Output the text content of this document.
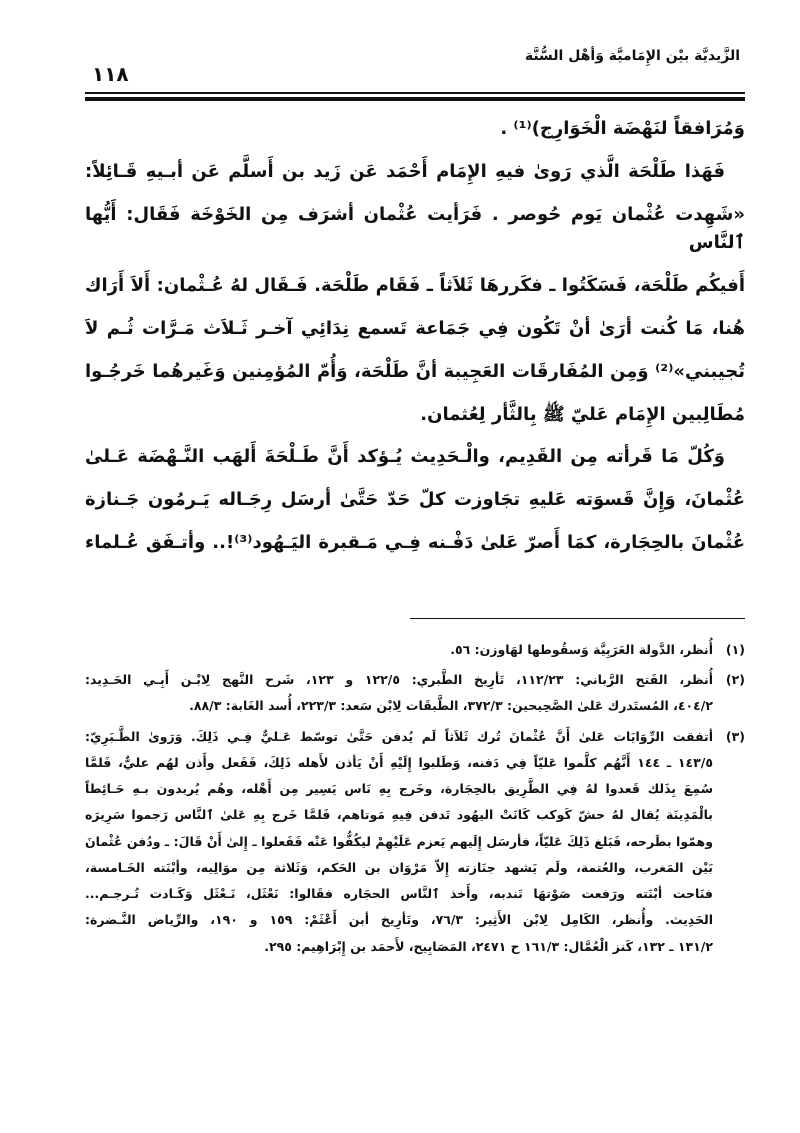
الزَّيديَّة بيْن الإِمَاميَّة وَأهْل السُّنَّة
١١٨
وَمُرَافقاً لنَهْضَة الْخَوَارِج)⁽¹⁾ .
فَهَذا طَلْحَة الَّذي رَوىٰ فيهِ الإِمَام أَحْمَد عَن زَيد بن أَسلَّم عَن أبـيهِ قَـائِلاً:
«شَهِدت عُثْمان يَوم حُوصر . فَرَأيت عُثْمان أشرَف مِن الخَوْخَة فَقَال: أَيُّها ٱلنَّاس
أَفيكُم طَلْحَة، فَسَكَتُوا ـ فكَررهَا ثَلاَثاً ـ فَقَام طَلْحَة. فَـقَال لهُ عُـثْمان: أَلاَ أَرَاك
هُنا، مَا كُنت أرَىٰ أنْ تَكُون فِي جَمَاعة تَسمع نِدَائِي آخـر ثَـلاَث مَـرَّات ثُـم لاَ
تُجيبني»⁽²⁾ وَمِن المُفَارقَات العَجِيبة أنَّ طَلْحَة، وَأُمّ المُؤمِنين وَغَيرهُما خَرجُـوا
مُطَالِبين الإِمَام عَليّ ﷺ بِالثَّأر لِعُثمان.
وَكُلّ مَا قَرأته مِن القَدِيم، والْـحَدِيث يُـؤكد أَنَّ طَـلْحَةَ أَلهَب النَّـهْضَة عَـلىٰ
عُثْمانَ، وَإِنَّ قَسوَته عَليهِ تجَاوزت كلّ حَدّ حَتَّىٰ أرسَل رِجَـاله يَـرمُون جَـنازة
عُثْمانَ بالحِجَارة، كمَا أَصرّ عَلىٰ دَفْـنه فِـي مَـقبرة اليَـهُود⁽³⁾!.. وأتـفَق عُـلماء
(١)
أُنظر، الدَّولة العَرَبِيَّة وَسقُوطها لهَاوزن: ٥٦.
(٢)
أُنظر، الفَتح الرَّباني: ١١٢/٢٣، تَأرِيخ الطَّبري: ١٢٢/٥ و ١٢٣، شَرح النَّهج لِابْـن أَبِـي الحَـدِيد:
٤٠٤/٢، المُستَدرك عَلىٰ الصَّحِيحين: ٣٧٢/٣، الطَّبقَات لِابْن سَعد: ٢٢٣/٣، أُسد الغَابة: ٨٨/٣.
(٣)
أتفقت الرِّوَايَات عَلىٰ أَنَّ عُثْمانَ تُرك ثَلاَثاً لَم يُدفن حَتَّىٰ توسّط عَـليٌّ فِـي ذَلِكَ. وَرَوىٰ الطَّـبَرِيّ:
١٤٣/٥ ـ ١٤٤ أَنَّهُم كلَّموا عَليّاً فِي دَفنه، وَطَلبوا إِلَيْهِ أَنْ يَأذن لأَهله ذَلِكَ، فَفَعل وأَذن لهُم عليٌّ، فَلمَّا
سُمِعَ بِذَلك قَعدوا لهُ فِي الطَّرِيق بالحِجَارة، وخَرج بِهِ نَاس يَسِير مِن أَهْله، وهُم يُريدون بـهِ حَـائِطاً
بالْمَدِينَة يُقال لهُ حشّ كَوكب كَانَتْ اليهُود تَدفن فِيهِ مَوتاهم، فَلمَّا خَرج بِهِ عَلىٰ ٱلنَّاس رَجموا سَرِيرَه
وهمّوا بطَرحه، فَبَلغ ذَلِكَ عَليّاً، فأرسَل إِلَيهم يَعزم عَلَيْهِمْ ليكُفُّوا عَنْه فَفَعلوا ـ إِلىٰ أَنْ قَالَ: ـ ودُفن عُثْمانَ
بَيْن المَغرب، والعُتمة، ولَم يَشهد جنَازته إِلاّ مَرْوَان بن الحَكم، وَثَلاثة مِن موَالِيه، وأبْنَته الخَـامسة،
فنَاحت أبْنَته ورَفعت صَوْتهَا تَندبه، وأَخذ ٱلنَّاس الحجَاره فقَالوا: نَعْثَل، نَـعْثَل وَكَـادت تُـرجـم...
الحَدِيث. وأُنظر، الكَامِل لِابْن الأَثِير: ٧٦/٣، وتَأرِيخ أبن أَعْثَمْ: ١٥٩ و ١٩٠، والرِّياض النَّـضرة:
١٣١/٢ ـ ١٣٢، كَنز الْعُمَّال: ١٦١/٣ ح ٢٤٧١، المَصَابِيح، لأَحمَد بن إِبْرَاهِيم: ٢٩٥.
